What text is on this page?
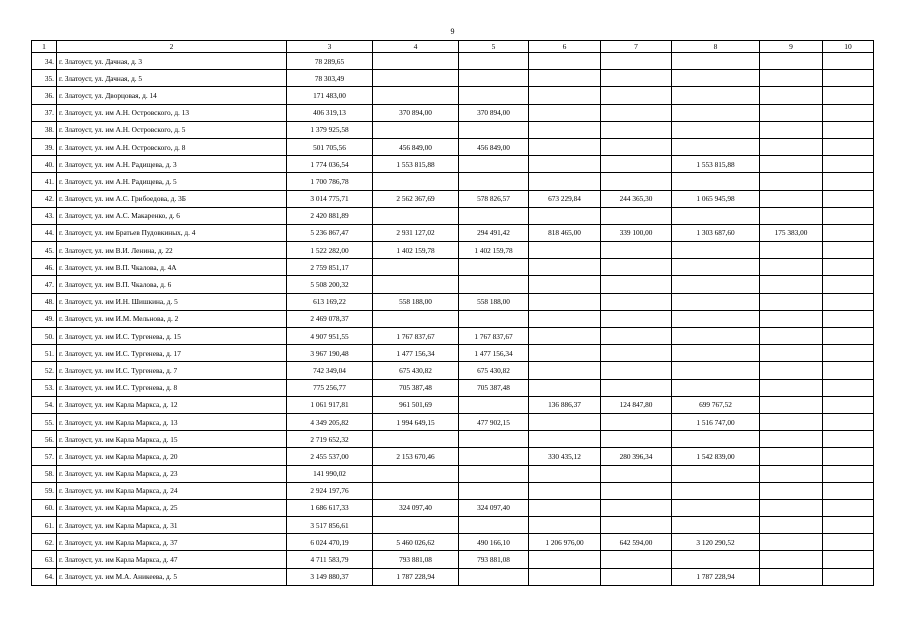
9
1	2	3	4	5	6	7	8	9	10
34.	г. Златоуст, ул. Дачная, д. 3	78 289,65							
35.	г. Златоуст, ул. Дачная, д. 5	78 303,49							
36.	г. Златоуст, ул. Дворцовая, д. 14	171 483,00							
37.	г. Златоуст, ул. им А.Н. Островского, д. 13	406 319,13	370 894,00	370 894,00					
38.	г. Златоуст, ул. им А.Н. Островского, д. 5	1 379 925,58							
39.	г. Златоуст, ул. им А.Н. Островского, д. 8	501 705,56	456 849,00	456 849,00					
40.	г. Златоуст, ул. им А.Н. Радищева, д. 3	1 774 036,54	1 553 815,88				1 553 815,88		
41.	г. Златоуст, ул. им А.Н. Радищева, д. 5	1 700 786,78							
42.	г. Златоуст, ул. им А.С. Грибоедова, д. 3Б	3 014 775,71	2 562 367,69	578 826,57	673 229,84	244 365,30	1 065 945,98		
43.	г. Златоуст, ул. им А.С. Макаренко, д. 6	2 420 881,89							
44.	г. Златоуст, ул. им Братьев Пудовкиных, д. 4	5 236 867,47	2 931 127,02	294 491,42	818 465,00	339 100,00	1 303 687,60	175 383,00	
45.	г. Златоуст, ул. им В.И. Ленина, д. 22	1 522 282,00	1 402 159,78	1 402 159,78					
46.	г. Златоуст, ул. им В.П. Чкалова, д. 4А	2 759 851,17							
47.	г. Златоуст, ул. им В.П. Чкалова, д. 6	5 508 200,32							
48.	г. Златоуст, ул. им И.Н. Шишкина, д. 5	613 169,22	558 188,00	558 188,00					
49.	г. Златоуст, ул. им И.М. Мельнова, д. 2	2 469 078,37							
50.	г. Златоуст, ул. им И.С. Тургенева, д. 15	4 907 951,55	1 767 837,67	1 767 837,67					
51.	г. Златоуст, ул. им И.С. Тургенева, д. 17	3 967 190,48	1 477 156,34	1 477 156,34					
52.	г. Златоуст, ул. им И.С. Тургенева, д. 7	742 349,04	675 430,82	675 430,82					
53.	г. Златоуст, ул. им И.С. Тургенева, д. 8	775 256,77	705 387,48	705 387,48					
54.	г. Златоуст, ул. им Карла Маркса, д. 12	1 061 917,81	961 501,69		136 886,37	124 847,80	699 767,52		
55.	г. Златоуст, ул. им Карла Маркса, д. 13	4 349 205,82	1 994 649,15	477 902,15			1 516 747,00		
56.	г. Златоуст, ул. им Карла Маркса, д. 15	2 719 652,32							
57.	г. Златоуст, ул. им Карла Маркса, д. 20	2 455 537,00	2 153 670,46		330 435,12	280 396,34	1 542 839,00		
58.	г. Златоуст, ул. им Карла Маркса, д. 23	141 990,02							
59.	г. Златоуст, ул. им Карла Маркса, д. 24	2 924 197,76							
60.	г. Златоуст, ул. им Карла Маркса, д. 25	1 686 617,33	324 097,40	324 097,40					
61.	г. Златоуст, ул. им Карла Маркса, д. 31	3 517 856,61							
62.	г. Златоуст, ул. им Карла Маркса, д. 37	6 024 470,19	5 460 026,62	490 166,10	1 206 976,00	642 594,00	3 120 290,52		
63.	г. Златоуст, ул. им Карла Маркса, д. 47	4 711 583,79	793 881,08	793 881,08					
64.	г. Златоуст, ул. им М.А. Аникеева, д. 5	3 149 880,37	1 787 228,94				1 787 228,94		
